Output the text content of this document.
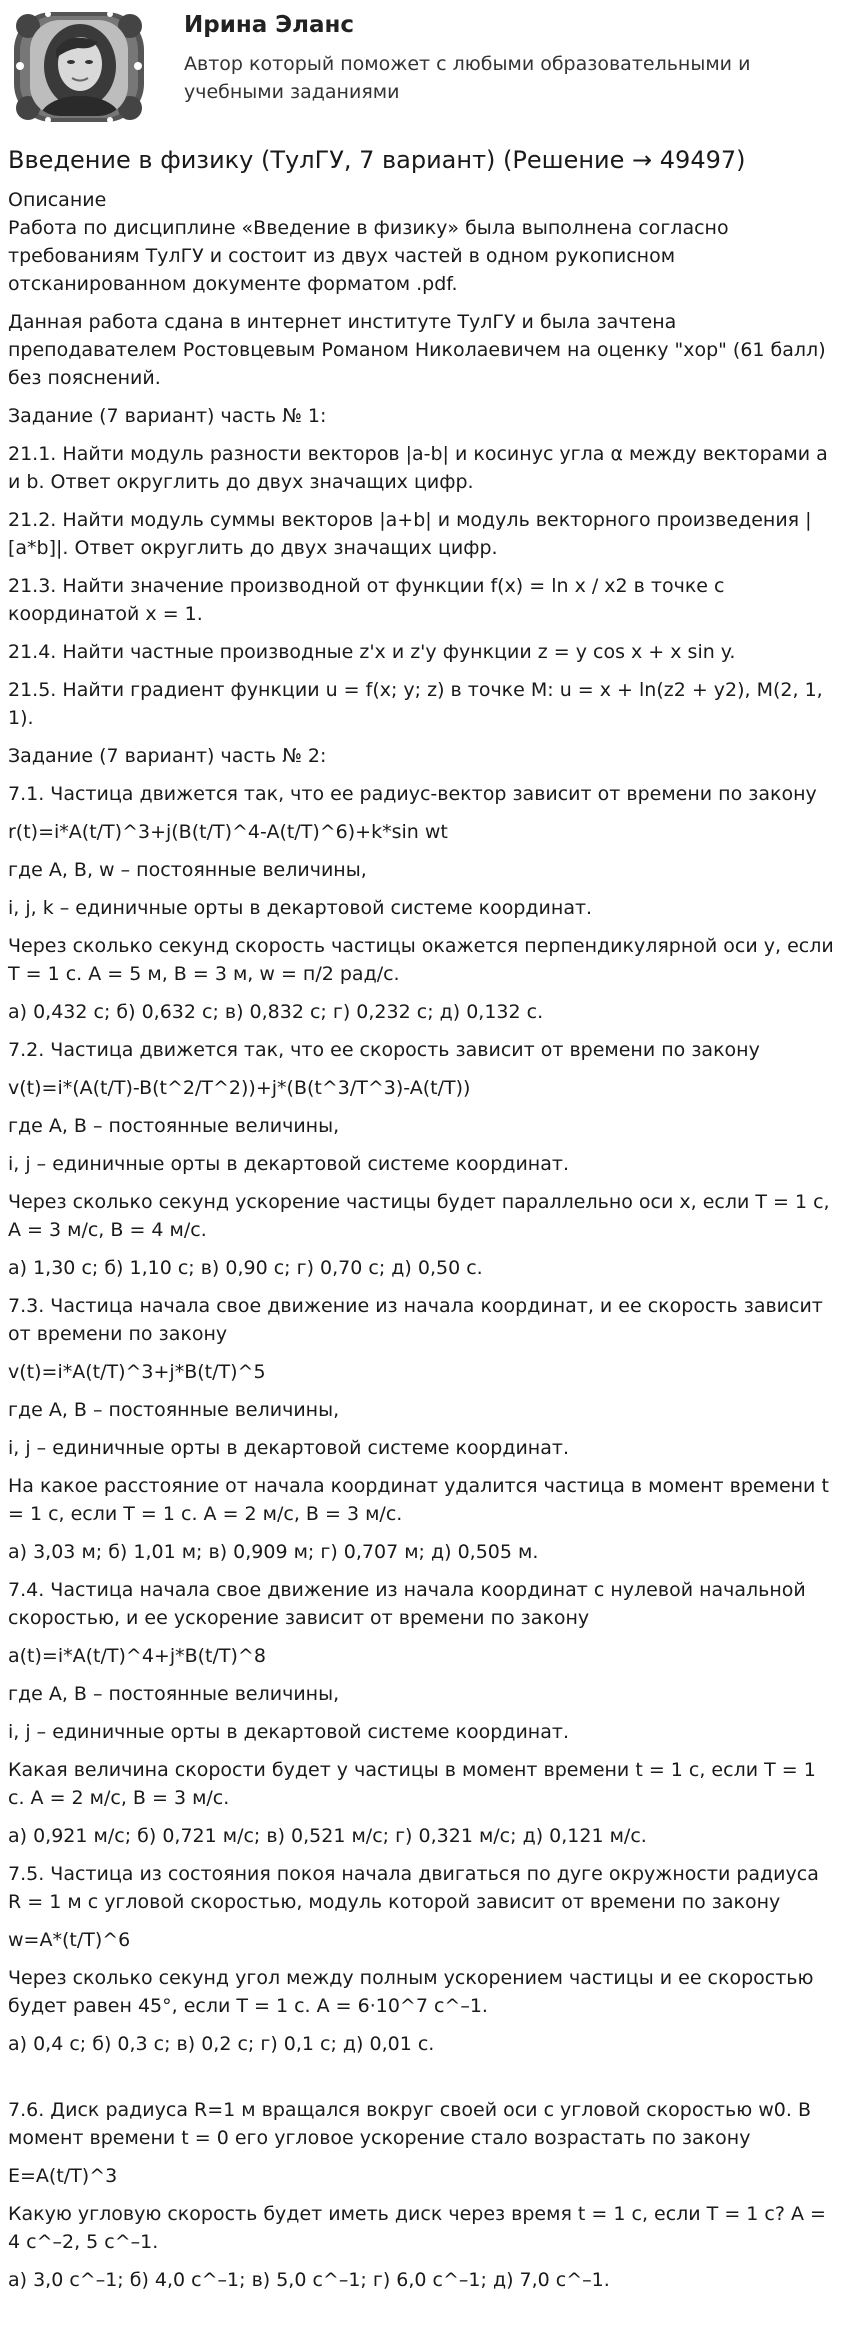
Ирина Эланс
Автор который поможет с любыми образовательными и учебными заданиями
Введение в физику (ТулГУ, 7 вариант) (Решение → 49497)
Описание
Работа по дисциплине «Введение в физику» была выполнена согласно требованиям ТулГУ и состоит из двух частей в одном рукописном отсканированном документе форматом .pdf.
Данная работа сдана в интернет институте ТулГУ и была зачтена преподавателем Ростовцевым Романом Николаевичем на оценку "хор" (61 балл) без пояснений.
Задание (7 вариант) часть № 1:
21.1. Найти модуль разности векторов |a-b| и косинус угла α между векторами a и b. Ответ округлить до двух значащих цифр.
21.2. Найти модуль суммы векторов |a+b| и модуль векторного произведения |[a*b]|. Ответ округлить до двух значащих цифр.
21.3. Найти значение производной от функции f(x) = ln x / x2 в точке с координатой x = 1.
21.4. Найти частные производные z'x и z'y функции z = y cos x + x sin y.
21.5. Найти градиент функции u = f(x; y; z) в точке M: u = x + ln(z2 + y2), M(2, 1, 1).
Задание (7 вариант) часть № 2:
7.1. Частица движется так, что ее радиус-вектор зависит от времени по закону
r(t)=i*A(t/T)^3+j(B(t/T)^4-A(t/T)^6)+k*sin wt
где A, B, w – постоянные величины,
i, j, k – единичные орты в декартовой системе координат.
Через сколько секунд скорость частицы окажется перпендикулярной оси y, если T = 1 с. A = 5 м, B = 3 м, w = п/2 рад/с.
а) 0,432 с; б) 0,632 с; в) 0,832 с; г) 0,232 с; д) 0,132 с.
7.2. Частица движется так, что ее скорость зависит от времени по закону
v(t)=i*(A(t/T)-B(t^2/T^2))+j*(B(t^3/T^3)-A(t/T))
где A, B – постоянные величины,
i, j – единичные орты в декартовой системе координат.
Через сколько секунд ускорение частицы будет параллельно оси x, если T = 1 с, A = 3 м/с, B = 4 м/с.
а) 1,30 с; б) 1,10 с; в) 0,90 с; г) 0,70 с; д) 0,50 с.
7.3. Частица начала свое движение из начала координат, и ее скорость зависит от времени по закону
v(t)=i*A(t/T)^3+j*B(t/T)^5
где A, B – постоянные величины,
i, j – единичные орты в декартовой системе координат.
На какое расстояние от начала координат удалится частица в момент времени t = 1 с, если T = 1 с. A = 2 м/с, B = 3 м/с.
а) 3,03 м; б) 1,01 м; в) 0,909 м; г) 0,707 м; д) 0,505 м.
7.4. Частица начала свое движение из начала координат с нулевой начальной скоростью, и ее ускорение зависит от времени по закону
a(t)=i*A(t/T)^4+j*B(t/T)^8
где A, B – постоянные величины,
i, j – единичные орты в декартовой системе координат.
Какая величина скорости будет у частицы в момент времени t = 1 с, если T = 1 с. A = 2 м/с, B = 3 м/с.
а) 0,921 м/с; б) 0,721 м/с; в) 0,521 м/с; г) 0,321 м/с; д) 0,121 м/с.
7.5. Частица из состояния покоя начала двигаться по дуге окружности радиуса R = 1 м с угловой скоростью, модуль которой зависит от времени по закону
w=A*(t/T)^6
Через сколько секунд угол между полным ускорением частицы и ее скоростью будет равен 45°, если T = 1 с. A = 6·10^7 с^–1.
а) 0,4 с; б) 0,3 с; в) 0,2 с; г) 0,1 с; д) 0,01 с.
7.6. Диск радиуса R=1 м вращался вокруг своей оси с угловой скоростью w0. В момент времени t = 0 его угловое ускорение стало возрастать по закону
E=A(t/T)^3
Какую угловую скорость будет иметь диск через время t = 1 с, если T = 1 с? A = 4 с^–2, 5 с^–1.
а) 3,0 с^–1; б) 4,0 с^–1; в) 5,0 с^–1; г) 6,0 с^–1; д) 7,0 с^–1.
